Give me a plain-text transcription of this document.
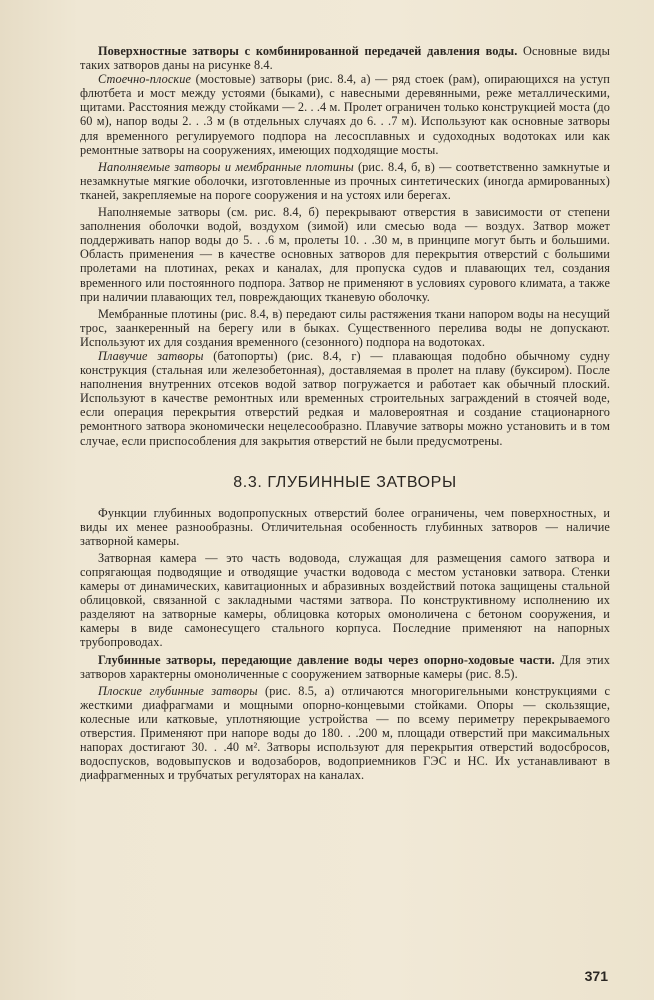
Поверхностные затворы с комбинированной передачей давления воды. Основные виды таких затворов даны на рисунке 8.4.

Стоечно-плоские (мостовые) затворы (рис. 8.4, а) — ряд стоек (рам), опирающихся на уступ флютбета и мост между устоями (быками), с навесными деревянными, реже металлическими, щитами. Расстояния между стойками — 2. . .4 м. Пролет ограничен только конструкцией моста (до 60 м), напор воды 2. . .3 м (в отдельных случаях до 6. . .7 м). Используют как основные затворы для временного регулируемого подпора на лесосплавных и судоходных водотоках или как ремонтные затворы на сооружениях, имеющих подходящие мосты.

Наполняемые затворы и мембранные плотины (рис. 8.4, б, в) — соответственно замкнутые и незамкнутые мягкие оболочки, изготовленные из прочных синтетических (иногда армированных) тканей, закрепляемые на пороге сооружения и на устоях или берегах.

Наполняемые затворы (см. рис. 8.4, б) перекрывают отверстия в зависимости от степени заполнения оболочки водой, воздухом (зимой) или смесью вода — воздух. Затвор может поддерживать напор воды до 5. . .6 м, пролеты 10. . .30 м, в принципе могут быть и большими. Область применения — в качестве основных затворов для перекрытия отверстий с большими пролетами на плотинах, реках и каналах, для пропуска судов и плавающих тел, создания временного или постоянного подпора. Затвор не применяют в условиях сурового климата, а также при наличии плавающих тел, повреждающих тканевую оболочку.

Мембранные плотины (рис. 8.4, в) передают силы растяжения ткани напором воды на несущий трос, заанкеренный на берегу или в быках. Существенного перелива воды не допускают. Используют их для создания временного (сезонного) подпора на водотоках.

Плавучие затворы (батопорты) (рис. 8.4, г) — плавающая подобно обычному судну конструкция (стальная или железобетонная), доставляемая в пролет на плаву (буксиром). После наполнения внутренних отсеков водой затвор погружается и работает как обычный плоский. Используют в качестве ремонтных или временных строительных заграждений в стоячей воде, если операция перекрытия отверстий редкая и маловероятная и создание стационарного ремонтного затвора экономически нецелесообразно. Плавучие затворы можно установить и в том случае, если приспособления для закрытия отверстий не были предусмотрены.

8.3. ГЛУБИННЫЕ ЗАТВОРЫ

Функции глубинных водопропускных отверстий более ограничены, чем поверхностных, и виды их менее разнообразны. Отличительная особенность глубинных затворов — наличие затворной камеры.

Затворная камера — это часть водовода, служащая для размещения самого затвора и сопрягающая подводящие и отводящие участки водовода с местом установки затвора. Стенки камеры от динамических, кавитационных и абразивных воздействий потока защищены стальной облицовкой, связанной с закладными частями затвора. По конструктивному исполнению их разделяют на затворные камеры, облицовка которых омоноличена с бетоном сооружения, и камеры в виде самонесущего стального корпуса. Последние применяют на напорных трубопроводах.

Глубинные затворы, передающие давление воды через опорно-ходовые части. Для этих затворов характерны омоноличенные с сооружением затворные камеры (рис. 8.5).

Плоские глубинные затворы (рис. 8.5, а) отличаются многоригельными конструкциями с жесткими диафрагмами и мощными опорно-концевыми стойками. Опоры — скользящие, колесные или катковые, уплотняющие устройства — по всему периметру перекрываемого отверстия. Применяют при напоре воды до 180. . .200 м, площади отверстий при максимальных напорах достигают 30. . .40 м². Затворы используют для перекрытия отверстий водосбросов, водоспусков, водовыпусков и водозаборов, водоприемников ГЭС и НС. Их устанавливают в диафрагменных и трубчатых регуляторах на каналах.

371
